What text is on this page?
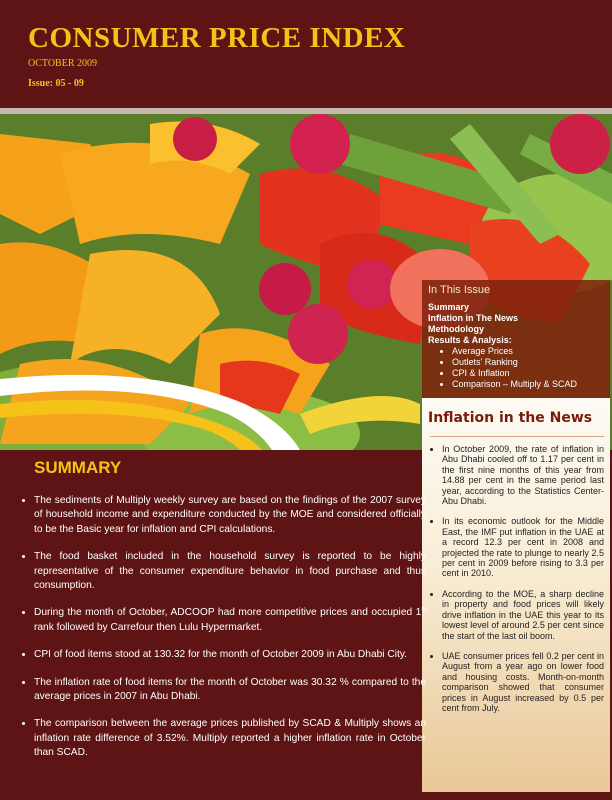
CONSUMER PRICE INDEX
OCTOBER 2009
Issue: 05 - 09
In This Issue
Summary
Inflation in The News
Methodology
Results & Analysis:
• Average Prices
• Outlets' Ranking
• CPI & Inflation
• Comparison – Multiply & SCAD
Inflation in the News
• In October 2009, the rate of inflation in Abu Dhabi cooled off to 1.17 per cent in the first nine months of this year from 14.88 per cent in the same period last year, according to the Statistics Center- Abu Dhabi.
• In its economic outlook for the Middle East, the IMF put inflation in the UAE at a record 12.3 per cent in 2008 and projected the rate to plunge to nearly 2.5 per cent in 2009 before rising to 3.3 per cent in 2010.
• According to the MOE, a sharp decline in property and food prices will likely drive inflation in the UAE this year to its lowest level of around 2.5 per cent since the start of the last oil boom.
• UAE consumer prices fell 0.2 per cent in August from a year ago on lower food and housing costs. Month-on-month comparison showed that consumer prices in August increased by 0.5 per cent from July.
SUMMARY
• The sediments of Multiply weekly survey are based on the findings of the 2007 survey of household income and expenditure conducted by the MOE and considered officially to be the Basic year for inflation and CPI calculations.
• The food basket included in the household survey is reported to be highly representative of the consumer expenditure behavior in food purchase and thus consumption.
• During the month of October, ADCOOP had more competitive prices and occupied 1st rank followed by Carrefour then Lulu Hypermarket.
• CPI of food items stood at 130.32 for the month of October 2009 in Abu Dhabi City.
• The inflation rate of food items for the month of October was 30.32 % compared to the average prices in 2007 in Abu Dhabi.
• The comparison between the average prices published by SCAD & Multiply shows an inflation rate difference of 3.52%. Multiply reported a higher inflation rate in October than SCAD.
